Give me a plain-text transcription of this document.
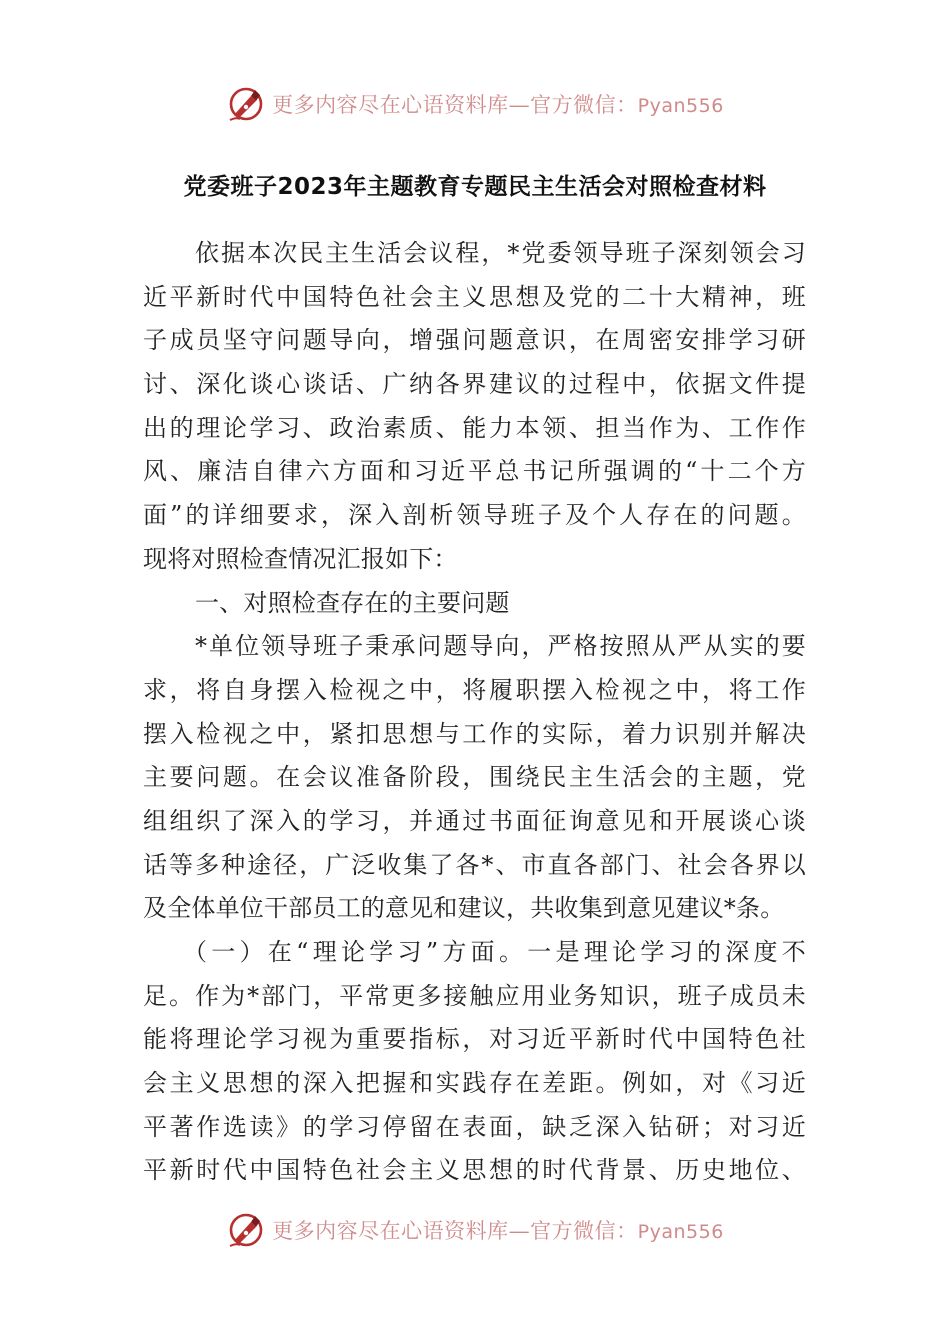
更多内容尽在心语资料库—官方微信：Pyan556
党委班子2023年主题教育专题民主生活会对照检查材料
依据本次民主生活会议程，*党委领导班子深刻领会习
近平新时代中国特色社会主义思想及党的二十大精神，班
子成员坚守问题导向，增强问题意识，在周密安排学习研
讨、深化谈心谈话、广纳各界建议的过程中，依据文件提
出的理论学习、政治素质、能力本领、担当作为、工作作
风、廉洁自律六方面和习近平总书记所强调的“十二个方
面”的详细要求，深入剖析领导班子及个人存在的问题。
现将对照检查情况汇报如下：
一、对照检查存在的主要问题
*单位领导班子秉承问题导向，严格按照从严从实的要
求，将自身摆入检视之中，将履职摆入检视之中，将工作
摆入检视之中，紧扣思想与工作的实际，着力识别并解决
主要问题。在会议准备阶段，围绕民主生活会的主题，党
组组织了深入的学习，并通过书面征询意见和开展谈心谈
话等多种途径，广泛收集了各*、市直各部门、社会各界以
及全体单位干部员工的意见和建议，共收集到意见建议*条。
（一）在“理论学习”方面。一是理论学习的深度不
足。作为*部门，平常更多接触应用业务知识，班子成员未
能将理论学习视为重要指标，对习近平新时代中国特色社
会主义思想的深入把握和实践存在差距。例如，对《习近
平著作选读》的学习停留在表面，缺乏深入钻研；对习近
平新时代中国特色社会主义思想的时代背景、历史地位、
更多内容尽在心语资料库—官方微信：Pyan556
